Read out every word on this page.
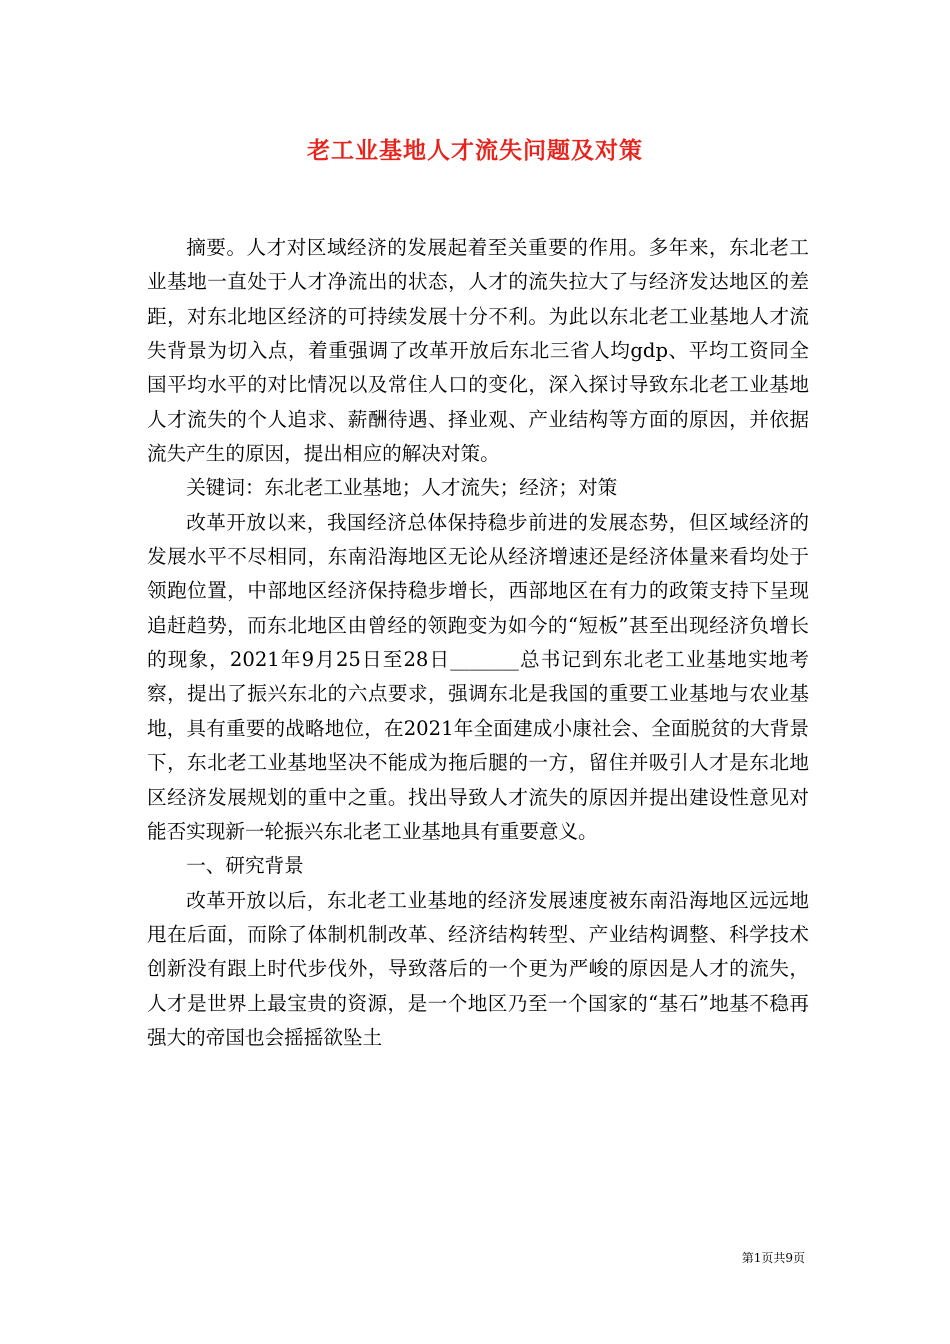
老工业基地人才流失问题及对策

摘要。人才对区域经济的发展起着至关重要的作用。多年来，东北老工业基地一直处于人才净流出的状态，人才的流失拉大了与经济发达地区的差距，对东北地区经济的可持续发展十分不利。为此以东北老工业基地人才流失背景为切入点，着重强调了改革开放后东北三省人均gdp、平均工资同全国平均水平的对比情况以及常住人口的变化，深入探讨导致东北老工业基地人才流失的个人追求、薪酬待遇、择业观、产业结构等方面的原因，并依据流失产生的原因，提出相应的解决对策。

关键词：东北老工业基地；人才流失；经济；对策

改革开放以来，我国经济总体保持稳步前进的发展态势，但区域经济的发展水平不尽相同，东南沿海地区无论从经济增速还是经济体量来看均处于领跑位置，中部地区经济保持稳步增长，西部地区在有力的政策支持下呈现追赶趋势，而东北地区由曾经的领跑变为如今的“短板”甚至出现经济负增长的现象，2021年9月25日至28日_______总书记到东北老工业基地实地考察，提出了振兴东北的六点要求，强调东北是我国的重要工业基地与农业基地，具有重要的战略地位，在2021年全面建成小康社会、全面脱贫的大背景下，东北老工业基地坚决不能成为拖后腿的一方，留住并吸引人才是东北地区经济发展规划的重中之重。找出导致人才流失的原因并提出建设性意见对能否实现新一轮振兴东北老工业基地具有重要意义。

一、研究背景

改革开放以后，东北老工业基地的经济发展速度被东南沿海地区远远地甩在后面，而除了体制机制改革、经济结构转型、产业结构调整、科学技术创新没有跟上时代步伐外，导致落后的一个更为严峻的原因是人才的流失，人才是世界上最宝贵的资源，是一个地区乃至一个国家的“基石”地基不稳再强大的帝国也会摇摇欲坠土

第1页共9页
